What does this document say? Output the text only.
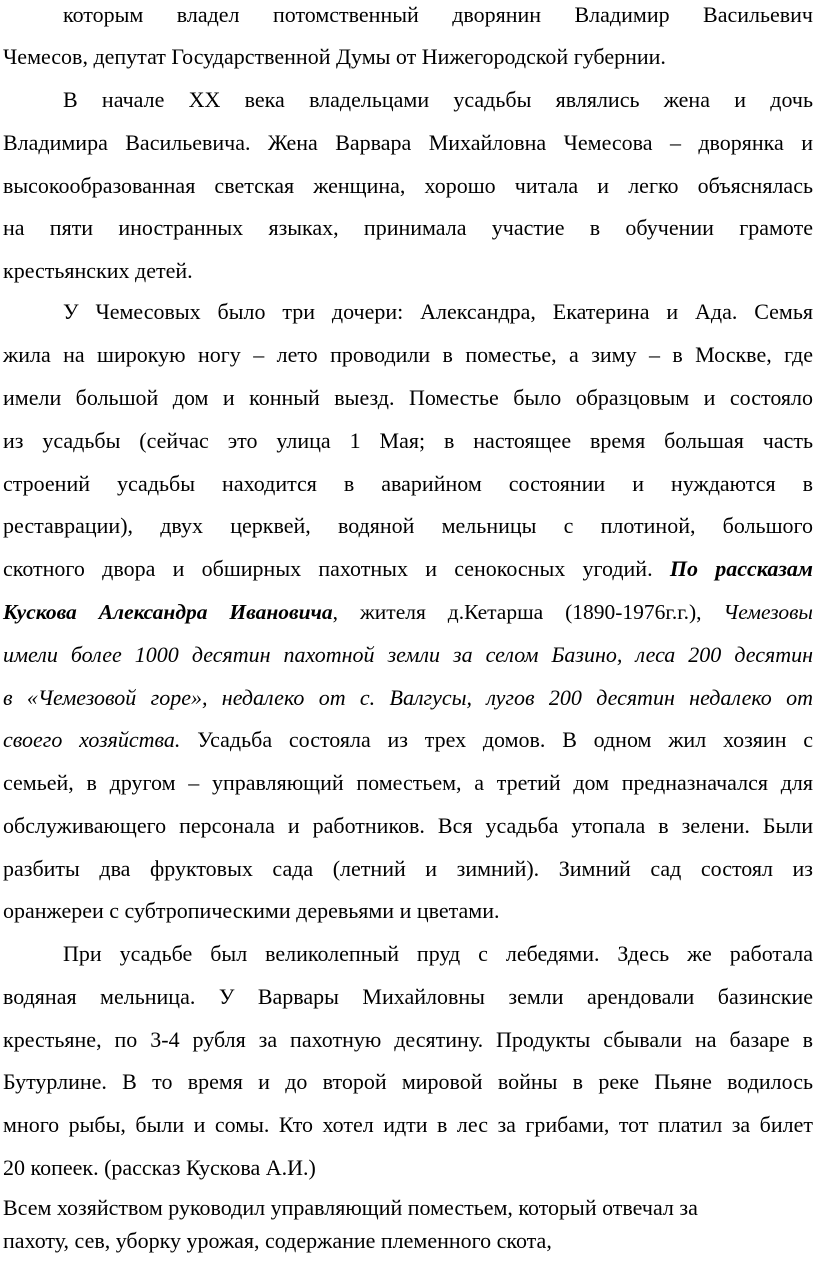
которым владел потомственный дворянин Владимир Васильевич
Чемесов, депутат Государственной Думы от Нижегородской губернии.
В начале XX века владельцами усадьбы являлись жена и дочь
Владимира Васильевича. Жена Варвара Михайловна Чемесова – дворянка и
высокообразованная светская женщина, хорошо читала и легко объяснялась
на пяти иностранных языках, принимала участие в обучении грамоте
крестьянских детей.
У Чемесовых было три дочери: Александра, Екатерина и Ада. Семья
жила на широкую ногу – лето проводили в поместье, а зиму – в Москве, где
имели большой дом и конный выезд. Поместье было образцовым и состояло
из усадьбы (сейчас это улица 1 Мая; в настоящее время большая часть
строений усадьбы находится в аварийном состоянии и нуждаются в
реставрации), двух церквей, водяной мельницы с плотиной, большого
скотного двора и обширных пахотных и сенокосных угодий. По рассказам
Кускова Александра Ивановича, жителя д.Кетарша (1890-1976г.г.), Чемезовы
имели более 1000 десятин пахотной земли за селом Базино, леса 200 десятин
в «Чемезовой горе», недалеко от с. Валгусы, лугов 200 десятин недалеко от
своего хозяйства. Усадьба состояла из трех домов. В одном жил хозяин с
семьей, в другом – управляющий поместьем, а третий дом предназначался для
обслуживающего персонала и работников. Вся усадьба утопала в зелени. Были
разбиты два фруктовых сада (летний и зимний). Зимний сад состоял из
оранжереи с субтропическими деревьями и цветами.
При усадьбе был великолепный пруд с лебедями. Здесь же работала
водяная мельница. У Варвары Михайловны земли арендовали базинские
крестьяне, по 3-4 рубля за пахотную десятину. Продукты сбывали на базаре в
Бутурлине. В то время и до второй мировой войны в реке Пьяне водилось
много рыбы, были и сомы. Кто хотел идти в лес за грибами, тот платил за билет
20 копеек. (рассказ Кускова А.И.)
Всем хозяйством руководил управляющий поместьем, который отвечал за
пахоту, сев, уборку урожая, содержание племенного скота,
